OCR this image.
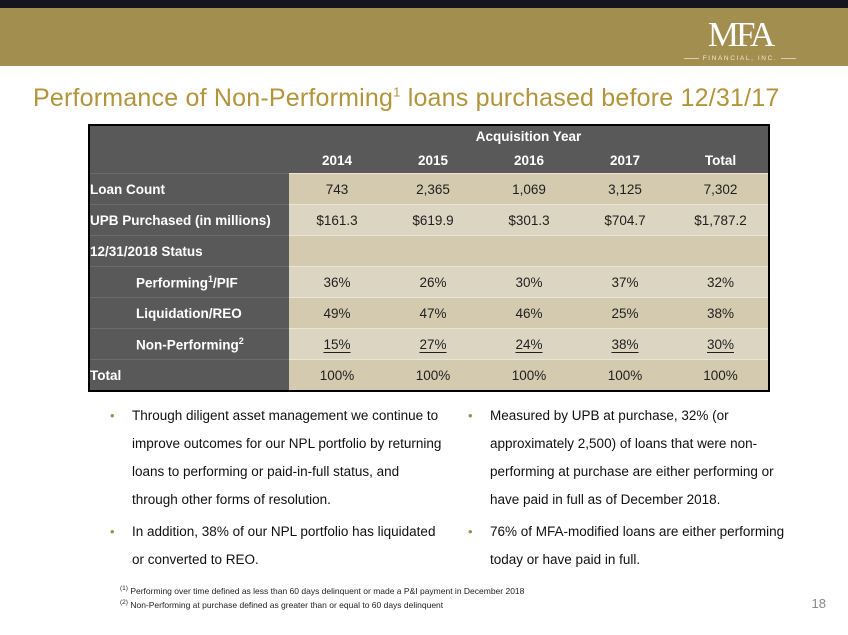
MFA
FINANCIAL, INC.
Performance of Non-Performing$^1$ loans purchased before 12/31/17
	Acquisition Year				
	2014	2015	2016	2017	Total
Loan Count	743	2,365	1,069	3,125	7,302
UPB Purchased (in millions)	$161.3	$619.9	$301.3	$704.7	$1,787.2
12/31/2018 Status					
Performing$^1$/PIF	36%	26%	30%	37%	32%
Liquidation/REO	49%	47%	46%	25%	38%
Non-Performing$^2$	15%	27%	24%	38%	30%
Total	100%	100%	100%	100%	100%
•	Through diligent asset management we continue to improve outcomes for our NPL portfolio by returning loans to performing or paid-in-full status, and through other forms of resolution.
•	In addition, 38% of our NPL portfolio has liquidated or converted to REO.
•	Measured by UPB at purchase, 32% (or approximately 2,500) of loans that were non-performing at purchase are either performing or have paid in full as of December 2018.
•	76% of MFA-modified loans are either performing today or have paid in full.
$^{(1)}$ Performing over time defined as less than 60 days delinquent or made a P&I payment in December 2018
$^{(2)}$ Non-Performing at purchase defined as greater than or equal to 60 days delinquent	18
